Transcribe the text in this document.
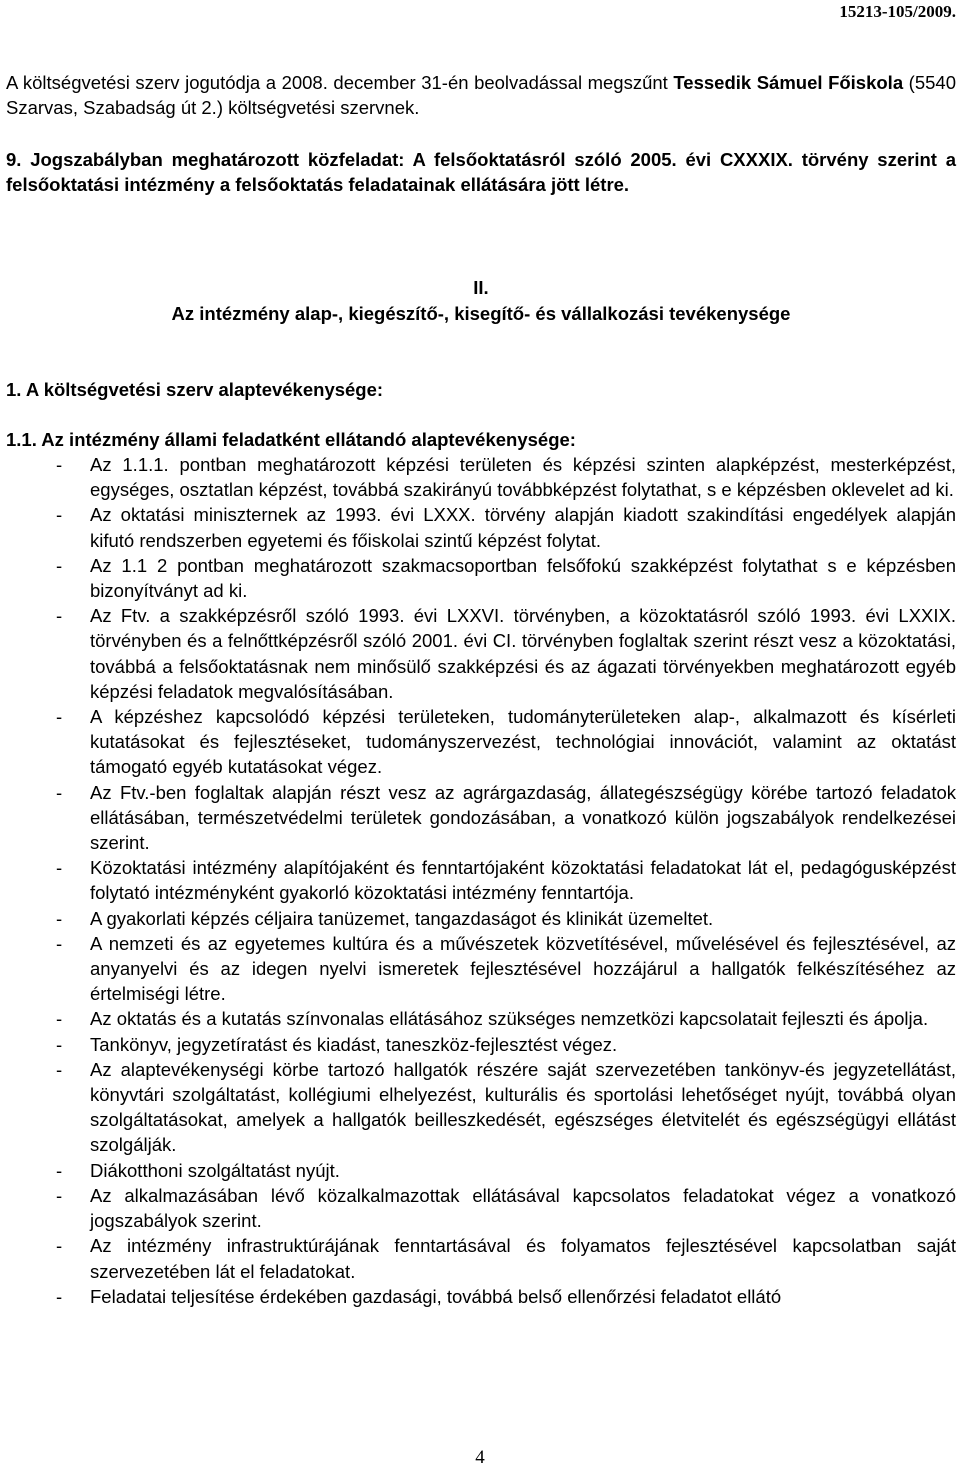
15213-105/2009.
A költségvetési szerv jogutódja a 2008. december 31-én beolvadással megszűnt Tessedik Sámuel Főiskola (5540 Szarvas, Szabadság út 2.) költségvetési szervnek.
9. Jogszabályban meghatározott közfeladat: A felsőoktatásról szóló 2005. évi CXXXIX. törvény szerint a felsőoktatási intézmény a felsőoktatás feladatainak ellátására jött létre.
II.
Az intézmény alap-, kiegészítő-, kisegítő- és vállalkozási tevékenysége
1. A költségvetési szerv alaptevékenysége:
1.1. Az intézmény állami feladatként ellátandó alaptevékenysége:
- Az 1.1.1. pontban meghatározott képzési területen és képzési szinten alapképzést, mesterképzést, egységes, osztatlan képzést, továbbá szakirányú továbbképzést folytathat, s e képzésben oklevelet ad ki.
- Az oktatási miniszternek az 1993. évi LXXX. törvény alapján kiadott szakindítási engedélyek alapján kifutó rendszerben egyetemi és főiskolai szintű képzést folytat.
- Az 1.1 2 pontban meghatározott szakmacsoportban felsőfokú szakképzést folytathat s e képzésben bizonyítványt ad ki.
- Az Ftv. a szakképzésről szóló 1993. évi LXXVI. törvényben, a közoktatásról szóló 1993. évi LXXIX. törvényben és a felnőttképzésről szóló 2001. évi CI. törvényben foglaltak szerint részt vesz a közoktatási, továbbá a felsőoktatásnak nem minősülő szakképzési és az ágazati törvényekben meghatározott egyéb képzési feladatok megvalósításában.
- A képzéshez kapcsolódó képzési területeken, tudományterületeken alap-, alkalmazott és kísérleti kutatásokat és fejlesztéseket, tudományszervezést, technológiai innovációt, valamint az oktatást támogató egyéb kutatásokat végez.
- Az Ftv.-ben foglaltak alapján részt vesz az agrárgazdaság, állategészségügy körébe tartozó feladatok ellátásában, természetvédelmi területek gondozásában, a vonatkozó külön jogszabályok rendelkezései szerint.
- Közoktatási intézmény alapítójaként és fenntartójaként közoktatási feladatokat lát el, pedagógusképzést folytató intézményként gyakorló közoktatási intézmény fenntartója.
- A gyakorlati képzés céljaira tanüzemet, tangazdaságot és klinikát üzemeltet.
- A nemzeti és az egyetemes kultúra és a művészetek közvetítésével, művelésével és fejlesztésével, az anyanyelvi és az idegen nyelvi ismeretek fejlesztésével hozzájárul a hallgatók felkészítéséhez az értelmiségi létre.
- Az oktatás és a kutatás színvonalas ellátásához szükséges nemzetközi kapcsolatait fejleszti és ápolja.
- Tankönyv, jegyzetíratást és kiadást, taneszköz-fejlesztést végez.
- Az alaptevékenységi körbe tartozó hallgatók részére saját szervezetében tankönyv-és jegyzetellátást, könyvtári szolgáltatást, kollégiumi elhelyezést, kulturális és sportolási lehetőséget nyújt, továbbá olyan szolgáltatásokat, amelyek a hallgatók beilleszkedését, egészséges életvitelét és egészségügyi ellátást szolgálják.
- Diákotthoni szolgáltatást nyújt.
- Az alkalmazásában lévő közalkalmazottak ellátásával kapcsolatos feladatokat végez a vonatkozó jogszabályok szerint.
- Az intézmény infrastruktúrájának fenntartásával és folyamatos fejlesztésével kapcsolatban saját szervezetében lát el feladatokat.
- Feladatai teljesítése érdekében gazdasági, továbbá belső ellenőrzési feladatot ellátó
4
